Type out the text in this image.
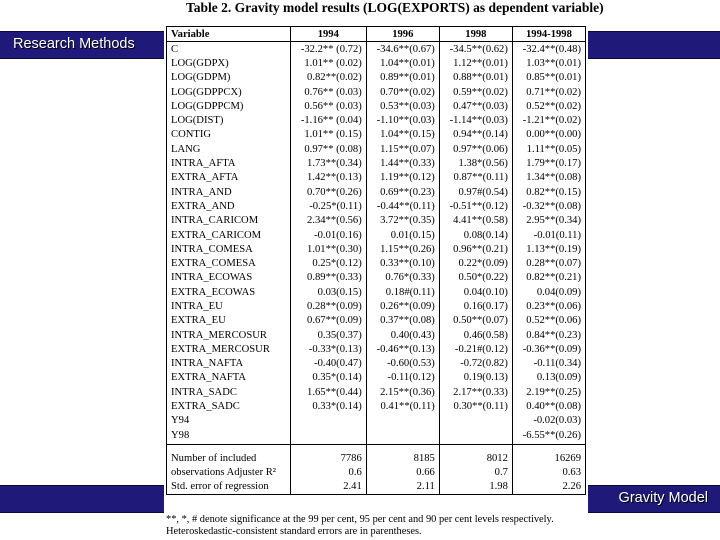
Table 2. Gravity model results (LOG(EXPORTS) as dependent variable)
Research Methods
Gravity Model
Variable	1994	1996	1998	1994-1998
C	-32.2** (0.72)	-34.6**(0.67)	-34.5**(0.62)	-32.4**(0.48)
LOG(GDPX)	1.01** (0.02)	1.04**(0.01)	1.12**(0.01)	1.03**(0.01)
LOG(GDPM)	0.82**(0.02)	0.89**(0.01)	0.88**(0.01)	0.85**(0.01)
LOG(GDPPCX)	0.76** (0.03)	0.70**(0.02)	0.59**(0.02)	0.71**(0.02)
LOG(GDPPCM)	0.56** (0.03)	0.53**(0.03)	0.47**(0.03)	0.52**(0.02)
LOG(DIST)	-1.16** (0.04)	-1.10**(0.03)	-1.14**(0.03)	-1.21**(0.02)
CONTIG	1.01** (0.15)	1.04**(0.15)	0.94**(0.14)	0.00**(0.00)
LANG	0.97** (0.08)	1.15**(0.07)	0.97**(0.06)	1.11**(0.05)
INTRA_AFTA	1.73**(0.34)	1.44**(0.33)	1.38*(0.56)	1.79**(0.17)
EXTRA_AFTA	1.42**(0.13)	1.19**(0.12)	0.87**(0.11)	1.34**(0.08)
INTRA_AND	0.70**(0.26)	0.69**(0.23)	0.97#(0.54)	0.82**(0.15)
EXTRA_AND	-0.25*(0.11)	-0.44**(0.11)	-0.51**(0.12)	-0.32**(0.08)
INTRA_CARICOM	2.34**(0.56)	3.72**(0.35)	4.41**(0.58)	2.95**(0.34)
EXTRA_CARICOM	-0.01(0.16)	0.01(0.15)	0.08(0.14)	-0.01(0.11)
INTRA_COMESA	1.01**(0.30)	1.15**(0.26)	0.96**(0.21)	1.13**(0.19)
EXTRA_COMESA	0.25*(0.12)	0.33**(0.10)	0.22*(0.09)	0.28**(0.07)
INTRA_ECOWAS	0.89**(0.33)	0.76*(0.33)	0.50*(0.22)	0.82**(0.21)
EXTRA_ECOWAS	0.03(0.15)	0.18#(0.11)	0.04(0.10)	0.04(0.09)
INTRA_EU	0.28**(0.09)	0.26**(0.09)	0.16(0.17)	0.23**(0.06)
EXTRA_EU	0.67**(0.09)	0.37**(0.08)	0.50**(0.07)	0.52**(0.06)
INTRA_MERCOSUR	0.35(0.37)	0.40(0.43)	0.46(0.58)	0.84**(0.23)
EXTRA_MERCOSUR	-0.33*(0.13)	-0.46**(0.13)	-0.21#(0.12)	-0.36**(0.09)
INTRA_NAFTA	-0.40(0.47)	-0.60(0.53)	-0.72(0.82)	-0.11(0.34)
EXTRA_NAFTA	0.35*(0.14)	-0.11(0.12)	0.19(0.13)	0.13(0.09)
INTRA_SADC	1.65**(0.44)	2.15**(0.36)	2.17**(0.33)	2.19**(0.25)
EXTRA_SADC	0.33*(0.14)	0.41**(0.11)	0.30**(0.11)	0.40**(0.08)
Y94				-0.02(0.03)
Y98				-6.55**(0.26)
Number of included	7786	8185	8012	16269
observations Adjuster R²	0.6	0.66	0.7	0.63
Std. error of regression	2.41	2.11	1.98	2.26
**, *, # denote significance at the 99 per cent, 95 per cent and 90 per cent levels respectively.
Heteroskedastic-consistent standard errors are in parentheses.
